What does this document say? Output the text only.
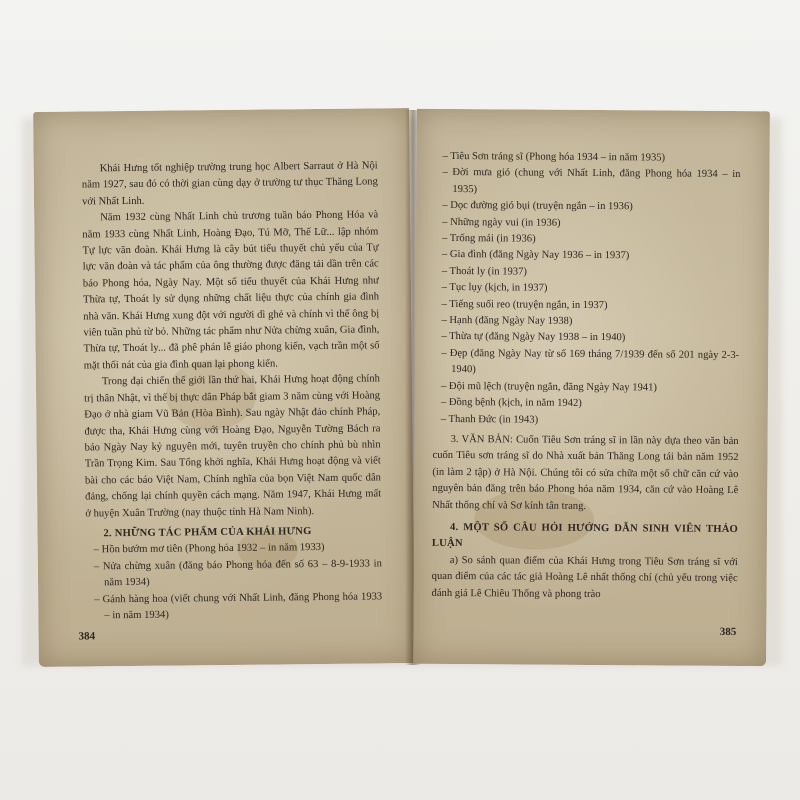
Khái Hưng tốt nghiệp trường trung học Albert Sarraut ở Hà Nội năm 1927, sau đó có thời gian cùng dạy ở trường tư thục Thăng Long với Nhất Linh.

Năm 1932 cùng Nhất Linh chủ trương tuần báo Phong Hóa và năm 1933 cùng Nhất Linh, Hoàng Đạo, Tú Mỡ, Thế Lữ... lập nhóm Tự lực văn đoàn. Khái Hưng là cây bút tiểu thuyết chủ yếu của Tự lực văn đoàn và tác phẩm của ông thường được đăng tải dần trên các báo Phong hóa, Ngày Nay. Một số tiểu thuyết của Khái Hưng như Thừa tự, Thoát ly sử dụng những chất liệu thực của chính gia đình nhà văn. Khái Hưng xung đột với người dì ghẻ và chính vì thế ông bị viên tuần phủ từ bỏ. Những tác phẩm như Nửa chừng xuân, Gia đình, Thừa tự, Thoát ly... đã phê phán lễ giáo phong kiến, vạch trần một số mặt thối nát của gia đình quan lại phong kiến.

Trong đại chiến thế giới lần thứ hai, Khái Hưng hoạt động chính trị thân Nhật, vì thế bị thực dân Pháp bắt giam 3 năm cùng với Hoàng Đạo ở nhà giam Vũ Bản (Hòa Bình). Sau ngày Nhật đảo chính Pháp, được tha, Khái Hưng cùng với Hoàng Đạo, Nguyễn Tường Bách ra báo Ngày Nay kỷ nguyên mới, tuyên truyền cho chính phủ bù nhìn Trần Trọng Kim. Sau Tổng khởi nghĩa, Khái Hưng hoạt động và viết bài cho các báo Việt Nam, Chính nghĩa của bọn Việt Nam quốc dân đảng, chống lại chính quyền cách mạng. Năm 1947, Khái Hưng mất ở huyện Xuân Trường (nay thuộc tỉnh Hà Nam Ninh).

2. NHỮNG TÁC PHẨM CỦA KHÁI HƯNG

– Hồn bướm mơ tiên (Phong hóa 1932 – in năm 1933)

– Nửa chừng xuân (đăng báo Phong hóa đến số 63 – 8-9-1933 in năm 1934)

– Gánh hàng hoa (viết chung với Nhất Linh, đăng Phong hóa 1933 – in năm 1934)

384

– Tiêu Sơn tráng sĩ (Phong hóa 1934 – in năm 1935)

– Đời mưa gió (chung với Nhất Linh, đăng Phong hóa 1934 – in 1935)

– Dọc đường gió bụi (truyện ngắn – in 1936)

– Những ngày vui (in 1936)

– Trống mái (in 1936)

– Gia đình (đăng Ngày Nay 1936 – in 1937)

– Thoát ly (in 1937)

– Tục lụy (kịch, in 1937)

– Tiếng suối reo (truyện ngắn, in 1937)

– Hạnh (đăng Ngày Nay 1938)

– Thừa tự (đăng Ngày Nay 1938 – in 1940)

– Đẹp (đăng Ngày Nay từ số 169 tháng 7/1939 đến số 201 ngày 2-3-1940)

– Đội mũ lệch (truyện ngắn, đăng Ngày Nay 1941)

– Đồng bệnh (kịch, in năm 1942)

– Thanh Đức (in 1943)

3. VĂN BẢN: Cuốn Tiêu Sơn tráng sĩ in lần này dựa theo văn bản cuốn Tiêu sơn tráng sĩ do Nhà xuất bản Thăng Long tái bản năm 1952 (in làm 2 tập) ở Hà Nội. Chúng tôi có sửa chữa một số chữ căn cứ vào nguyên bản đăng trên báo Phong hóa năm 1934, căn cứ vào Hoàng Lê Nhất thống chí và Sơ kính tân trang.

4. MỘT SỐ CÂU HỎI HƯỚNG DẪN SINH VIÊN THẢO LUẬN

a) So sánh quan điểm của Khái Hưng trong Tiêu Sơn tráng sĩ với quan điểm của các tác giả Hoàng Lê nhất thống chí (chủ yếu trong việc đánh giá Lê Chiêu Thống và phong trào

385
